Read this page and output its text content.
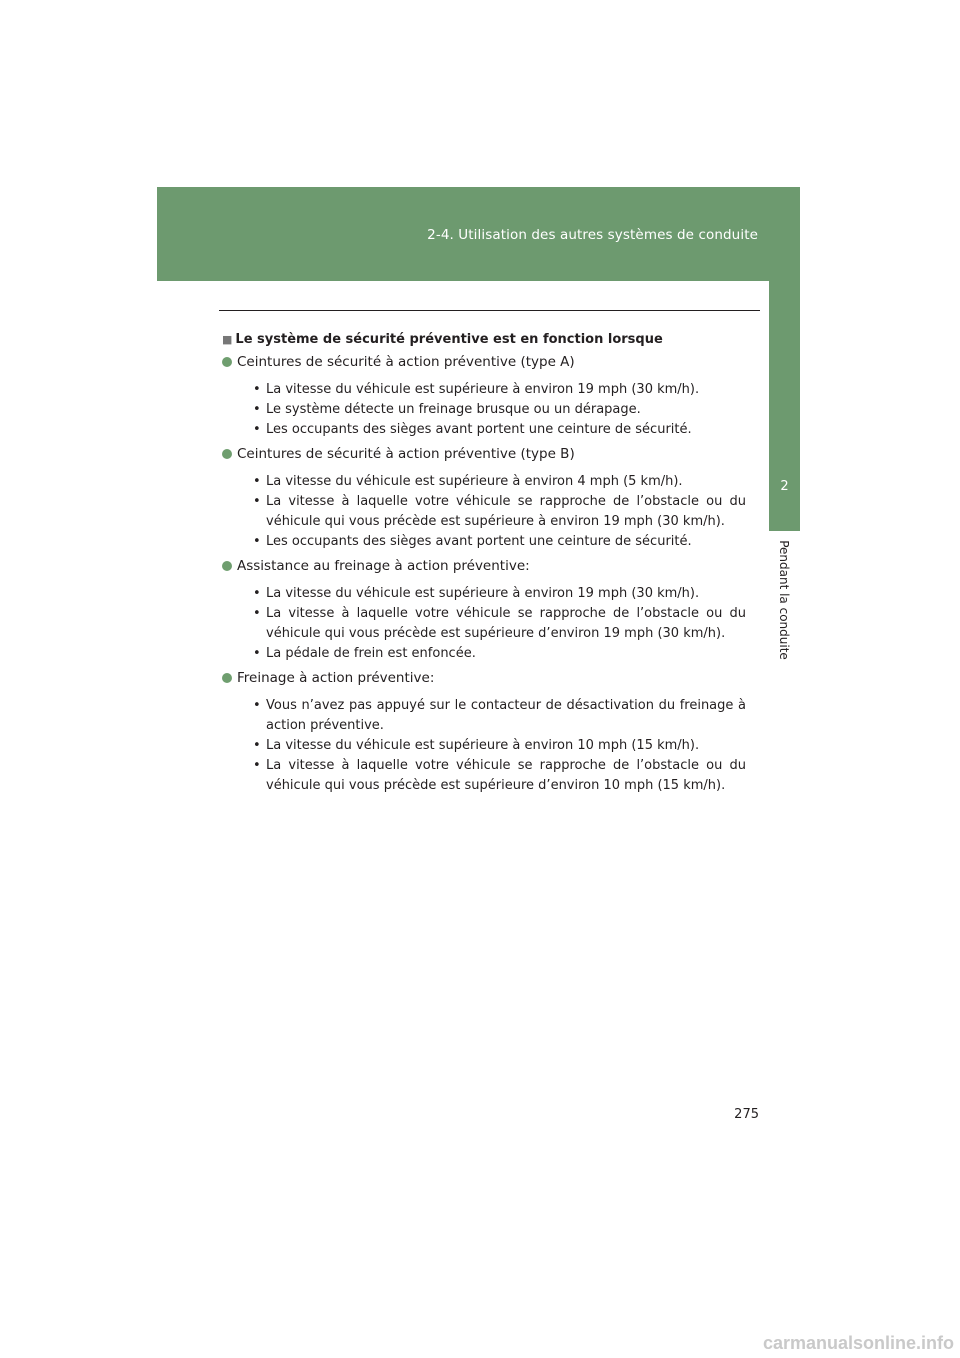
2-4. Utilisation des autres systèmes de conduite
2
Pendant la conduite
■ Le système de sécurité préventive est en fonction lorsque
Ceintures de sécurité à action préventive (type A)
• La vitesse du véhicule est supérieure à environ 19 mph (30 km/h).
• Le système détecte un freinage brusque ou un dérapage.
• Les occupants des sièges avant portent une ceinture de sécurité.
Ceintures de sécurité à action préventive (type B)
• La vitesse du véhicule est supérieure à environ 4 mph (5 km/h).
• La vitesse à laquelle votre véhicule se rapproche de l’obstacle ou du véhicule qui vous précède est supérieure à environ 19 mph (30 km/h).
• Les occupants des sièges avant portent une ceinture de sécurité.
Assistance au freinage à action préventive:
• La vitesse du véhicule est supérieure à environ 19 mph (30 km/h).
• La vitesse à laquelle votre véhicule se rapproche de l’obstacle ou du véhicule qui vous précède est supérieure d’environ 19 mph (30 km/h).
• La pédale de frein est enfoncée.
Freinage à action préventive:
• Vous n’avez pas appuyé sur le contacteur de désactivation du freinage à action préventive.
• La vitesse du véhicule est supérieure à environ 10 mph (15 km/h).
• La vitesse à laquelle votre véhicule se rapproche de l’obstacle ou du véhicule qui vous précède est supérieure d’environ 10 mph (15 km/h).
275
carmanualsonline.info
